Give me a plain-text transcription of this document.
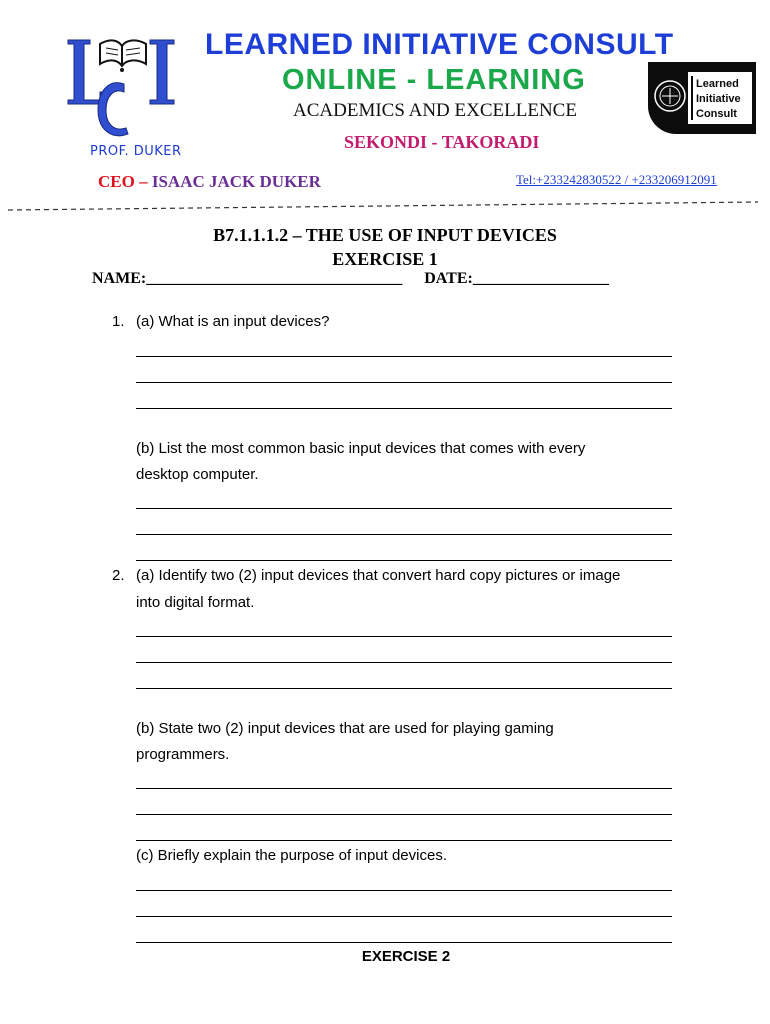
LEARNED INITIATIVE CONSULT
ONLINE - LEARNING
ACADEMICS AND EXCELLENCE
SEKONDI - TAKORADI
PROF. DUKER
CEO – ISAAC JACK DUKER	Tel:+233242830522 / +233206912091
Learned
Initiative
Consult
B7.1.1.1.2 – THE USE OF INPUT DEVICES
EXERCISE 1
NAME:________________________________ DATE:_________________
1. (a) What is an input devices?
(b) List the most common basic input devices that comes with every
desktop computer.
2. (a) Identify two (2) input devices that convert hard copy pictures or image
into digital format.
(b) State two (2) input devices that are used for playing gaming
programmers.
(c) Briefly explain the purpose of input devices.
EXERCISE 2
